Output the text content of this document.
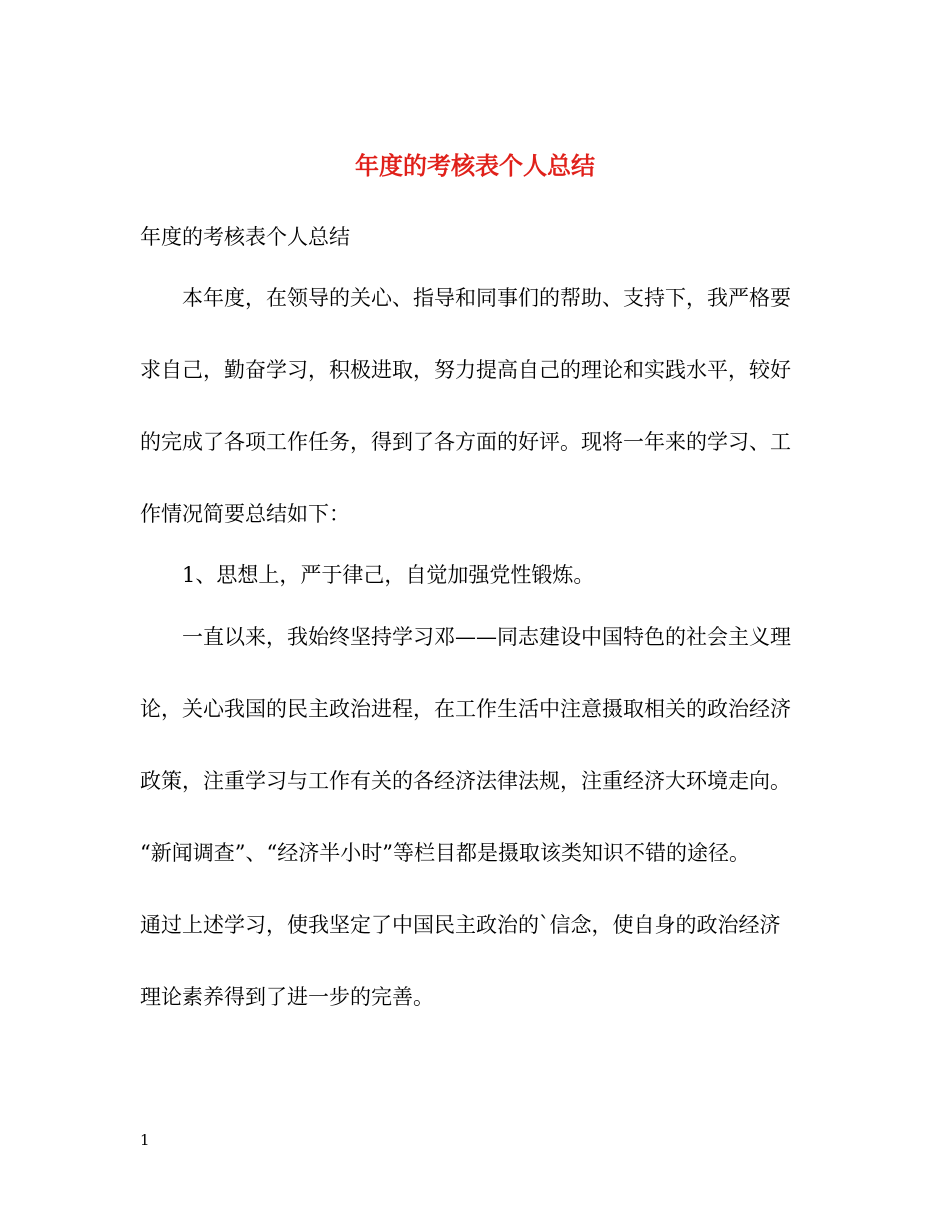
年度的考核表个人总结

年度的考核表个人总结

本年度，在领导的关心、指导和同事们的帮助、支持下，我严格要

求自己，勤奋学习，积极进取，努力提高自己的理论和实践水平，较好

的完成了各项工作任务，得到了各方面的好评。现将一年来的学习、工

作情况简要总结如下：

1、思想上，严于律己，自觉加强党性锻炼。

一直以来，我始终坚持学习邓——同志建设中国特色的社会主义理

论，关心我国的民主政治进程，在工作生活中注意摄取相关的政治经济

政策，注重学习与工作有关的各经济法律法规，注重经济大环境走向。

“新闻调查”、“经济半小时”等栏目都是摄取该类知识不错的途径。

通过上述学习，使我坚定了中国民主政治的`信念，使自身的政治经济

理论素养得到了进一步的完善。

1
